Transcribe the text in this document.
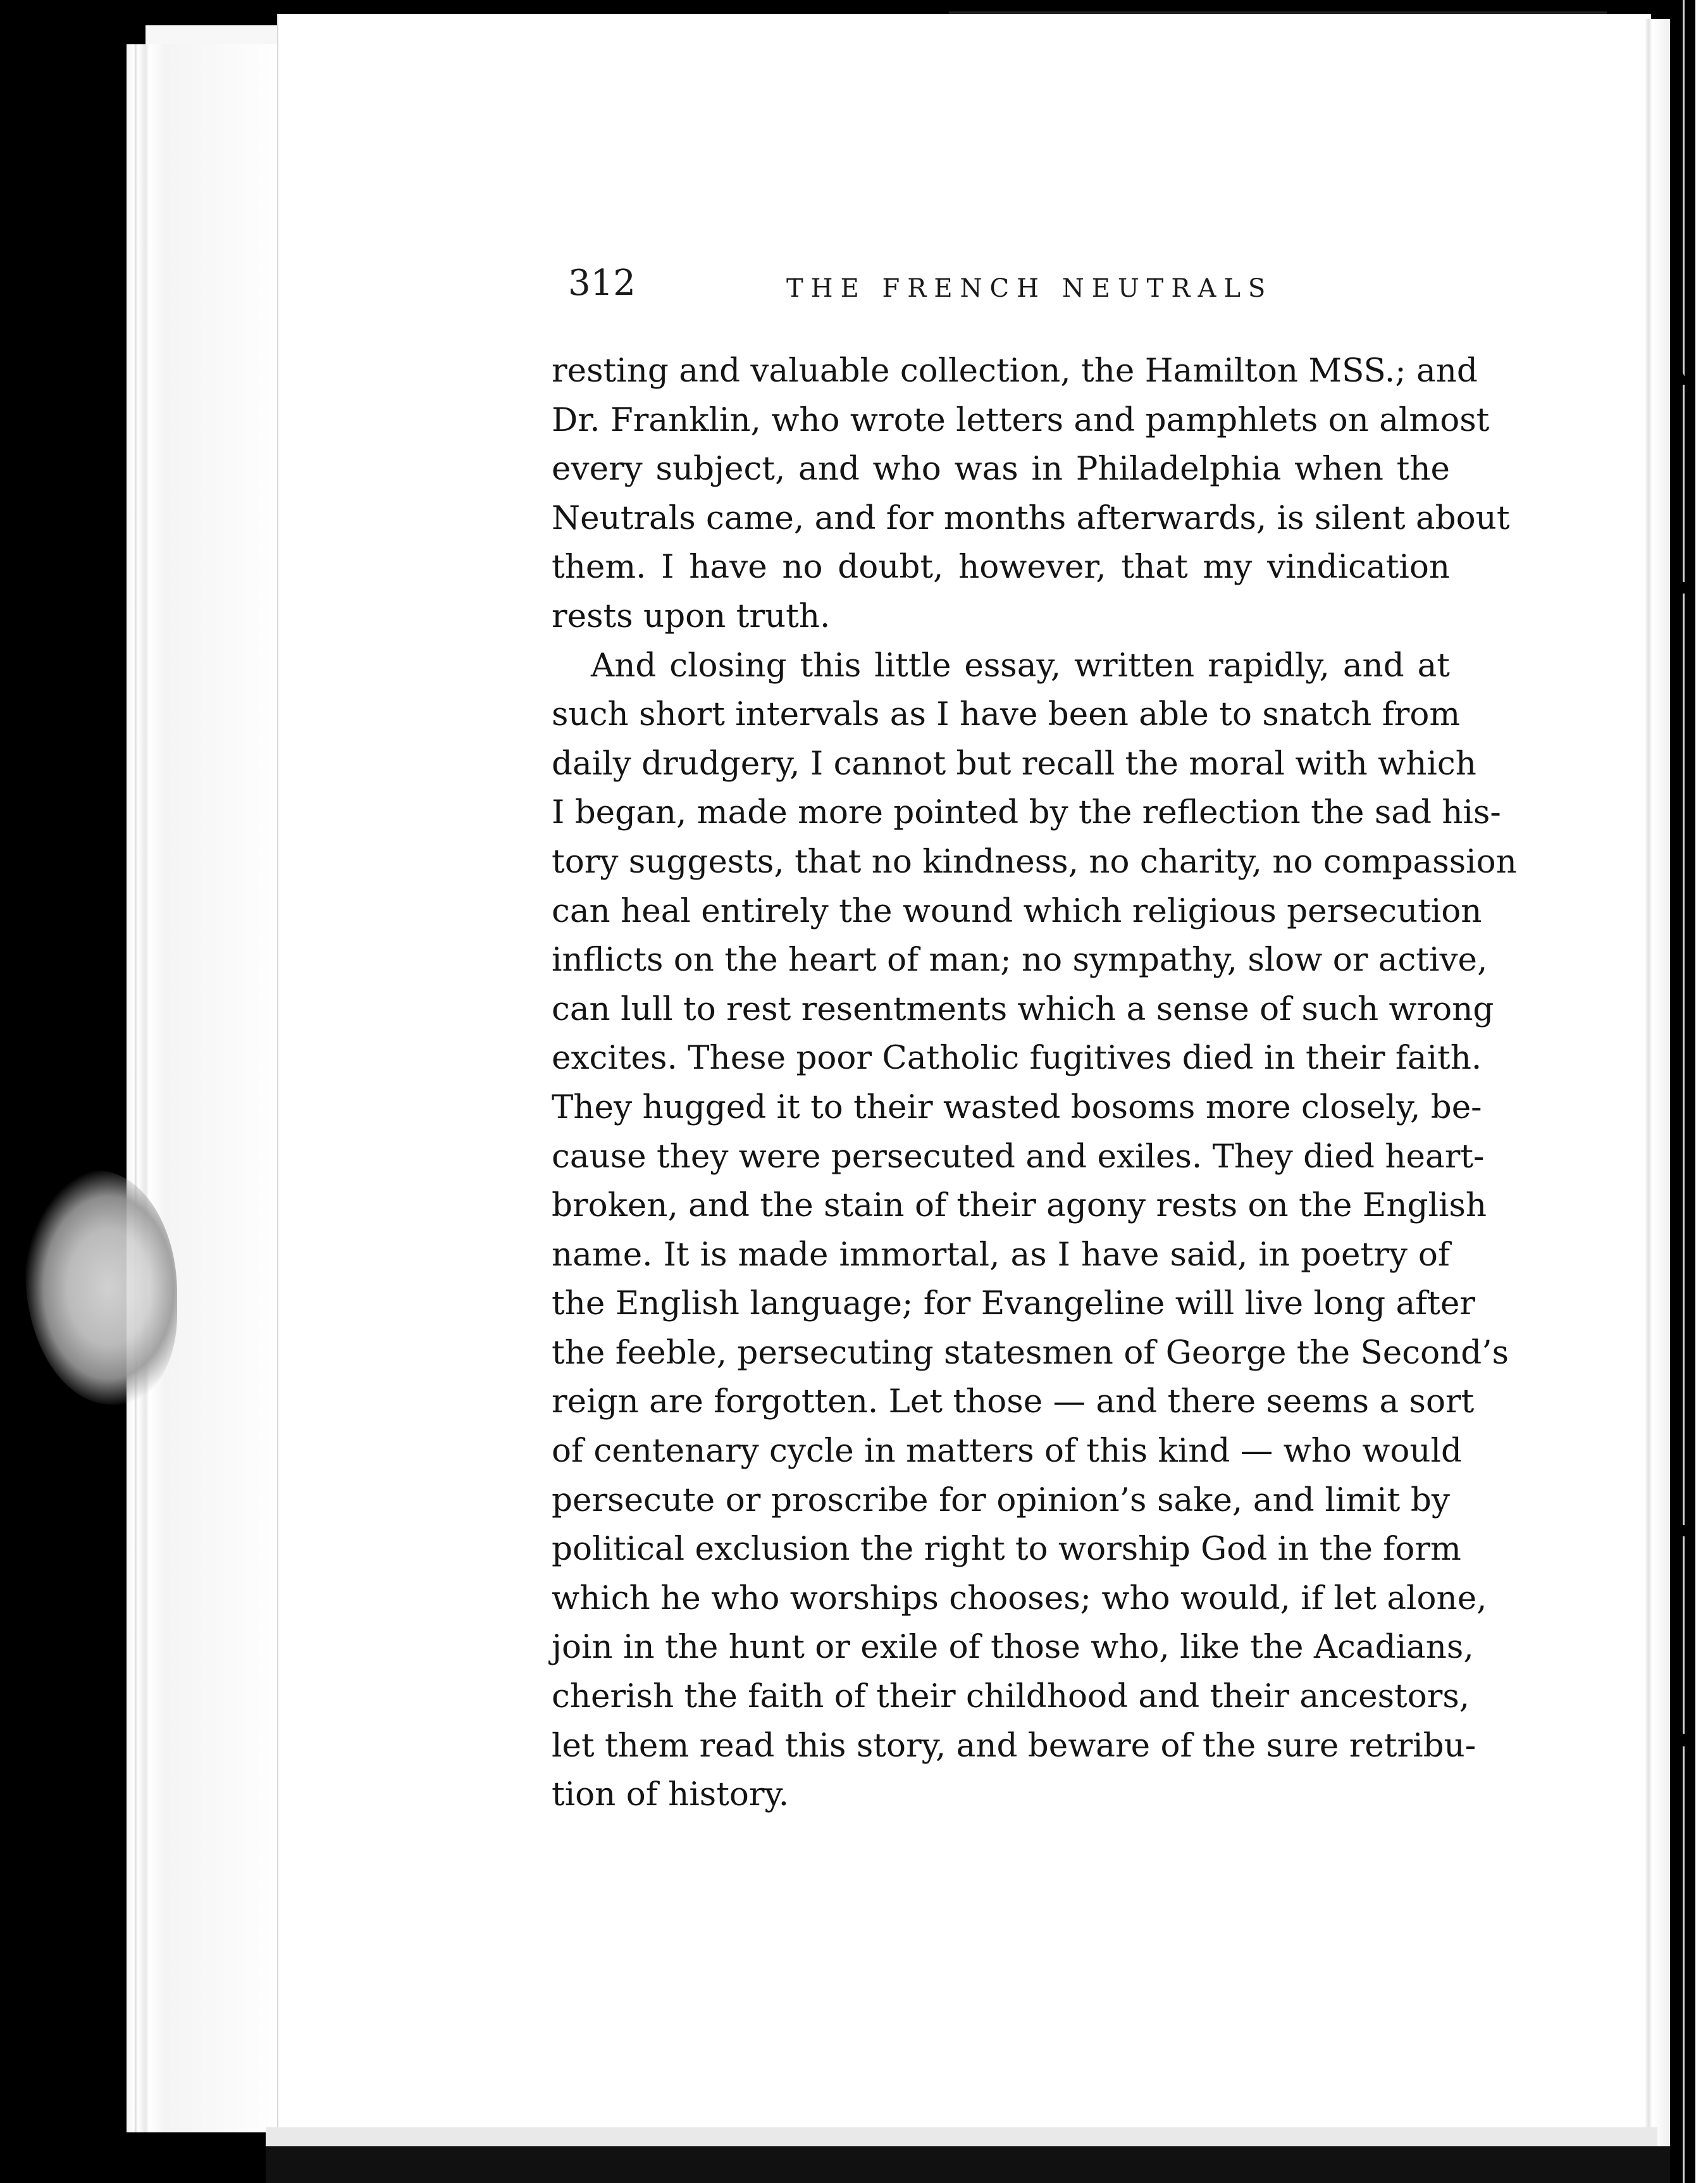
312	THE FRENCH NEUTRALS
resting and valuable collection, the Hamilton MSS.; and
Dr. Franklin, who wrote letters and pamphlets on almost
every subject, and who was in Philadelphia when the
Neutrals came, and for months afterwards, is silent about
them. I have no doubt, however, that my vindication
rests upon truth.
And closing this little essay, written rapidly, and at
such short intervals as I have been able to snatch from
daily drudgery, I cannot but recall the moral with which
I began, made more pointed by the reflection the sad his-
tory suggests, that no kindness, no charity, no compassion
can heal entirely the wound which religious persecution
inflicts on the heart of man; no sympathy, slow or active,
can lull to rest resentments which a sense of such wrong
excites. These poor Catholic fugitives died in their faith.
They hugged it to their wasted bosoms more closely, be-
cause they were persecuted and exiles. They died heart-
broken, and the stain of their agony rests on the English
name. It is made immortal, as I have said, in poetry of
the English language; for Evangeline will live long after
the feeble, persecuting statesmen of George the Second’s
reign are forgotten. Let those — and there seems a sort
of centenary cycle in matters of this kind — who would
persecute or proscribe for opinion’s sake, and limit by
political exclusion the right to worship God in the form
which he who worships chooses; who would, if let alone,
join in the hunt or exile of those who, like the Acadians,
cherish the faith of their childhood and their ancestors,
let them read this story, and beware of the sure retribu-
tion of history.
